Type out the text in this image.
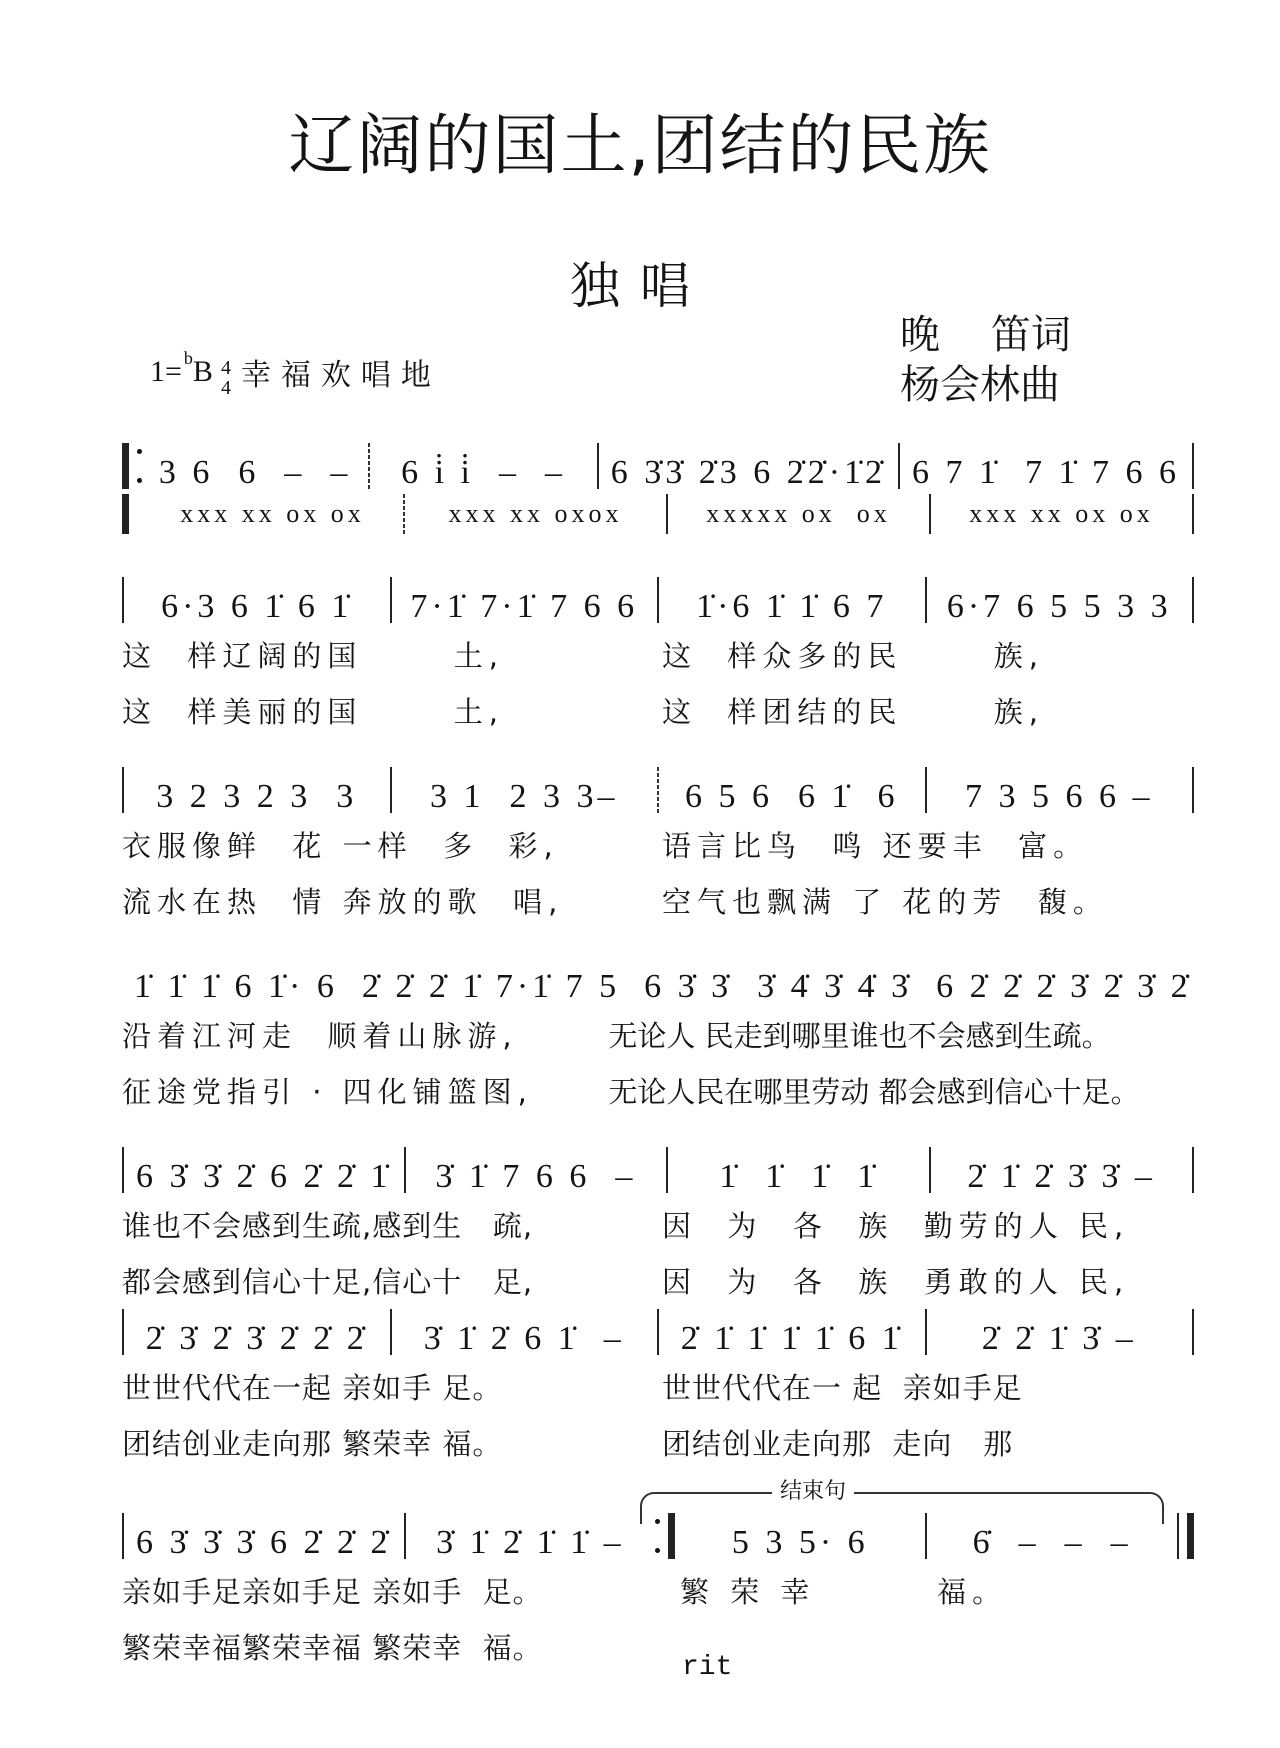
辽阔的国土,团结的民族
独唱
1= b B 4
4 幸福欢唱地
晚    笛词
杨会林曲
3 6  6  –  –	6 i̇ i̇  –  –	6 3̇3̇ 2̇3 6 2̇2̇·1̇2̇ 6 7 1̇  7 1̇ 7 6 6
xxx xx ox ox	xxx xx oxox	xxxxx ox  ox	xxx xx ox ox
6·3 6 1̇ 6 1̇	7·1̇ 7·1̇ 7 6 6	1̇·6 1̇ 1̇ 6 7	6·7 6 5 5 3 3
这  样辽阔的国      土,	这  样众多的民      族,
这  样美丽的国      土,	这  样团结的民      族,
3 2 3 2 3  3	3 1  2 3 3–	6 5 6  6 1̇  6	7 3 5 6 6 –
衣服像鲜  花 一样  多  彩,	语言比鸟  鸣 还要丰  富。
流水在热  情 奔放的歌  唱,	空气也飘满 了 花的芳  馥。
1̇ 1̇ 1̇ 6 1̇· 6 2̇ 2̇ 2̇ 1̇ 7·1̇ 7 5 6 3̇ 3̇  3̇ 4̇ 3̇ 4̇ 3̇ 6 2̇ 2̇ 2̇ 3̇ 2̇ 3̇ 2̇
沿着江河走  顺着山脉游,	无论人 民走到哪里谁也不会感到生疏。
征途党指引 · 四化铺篮图,	无论人民在哪里劳动 都会感到信心十足。
6 3̇ 3̇ 2̇ 6 2̇ 2̇ 1̇	3̇ 1̇ 7 6 6  –	1̇  1̇  1̇  1̇	2̇ 1̇ 2̇ 3̇ 3̇ –
谁也不会感到生疏,感到生   疏,	因  为  各  族  勤劳的人 民,
都会感到信心十足,信心十   足,	因  为  各  族  勇敢的人 民,
2̇ 3̇ 2̇ 3̇ 2̇ 2̇ 2̇	3̇ 1̇ 2̇ 6 1̇  –	2̇ 1̇ 1̇ 1̇ 1̇ 6 1̇	2̇ 2̇ 1̇ 3̇ –
世世代代在一起 亲如手 足。	世世代代在一 起  亲如手足
团结创业走向那 繁荣幸 福。	团结创业走向那  走向   那
结束句
6 3̇ 3̇ 3̇ 6 2̇ 2̇ 2̇	3̇ 1̇ 2̇ 1̇ 1̇ –	5 3 5· 6	6̇  –  –  –
亲如手足亲如手足 亲如手  足。	繁 荣 幸        福。
繁荣幸福繁荣幸福 繁荣幸  福。
rit
